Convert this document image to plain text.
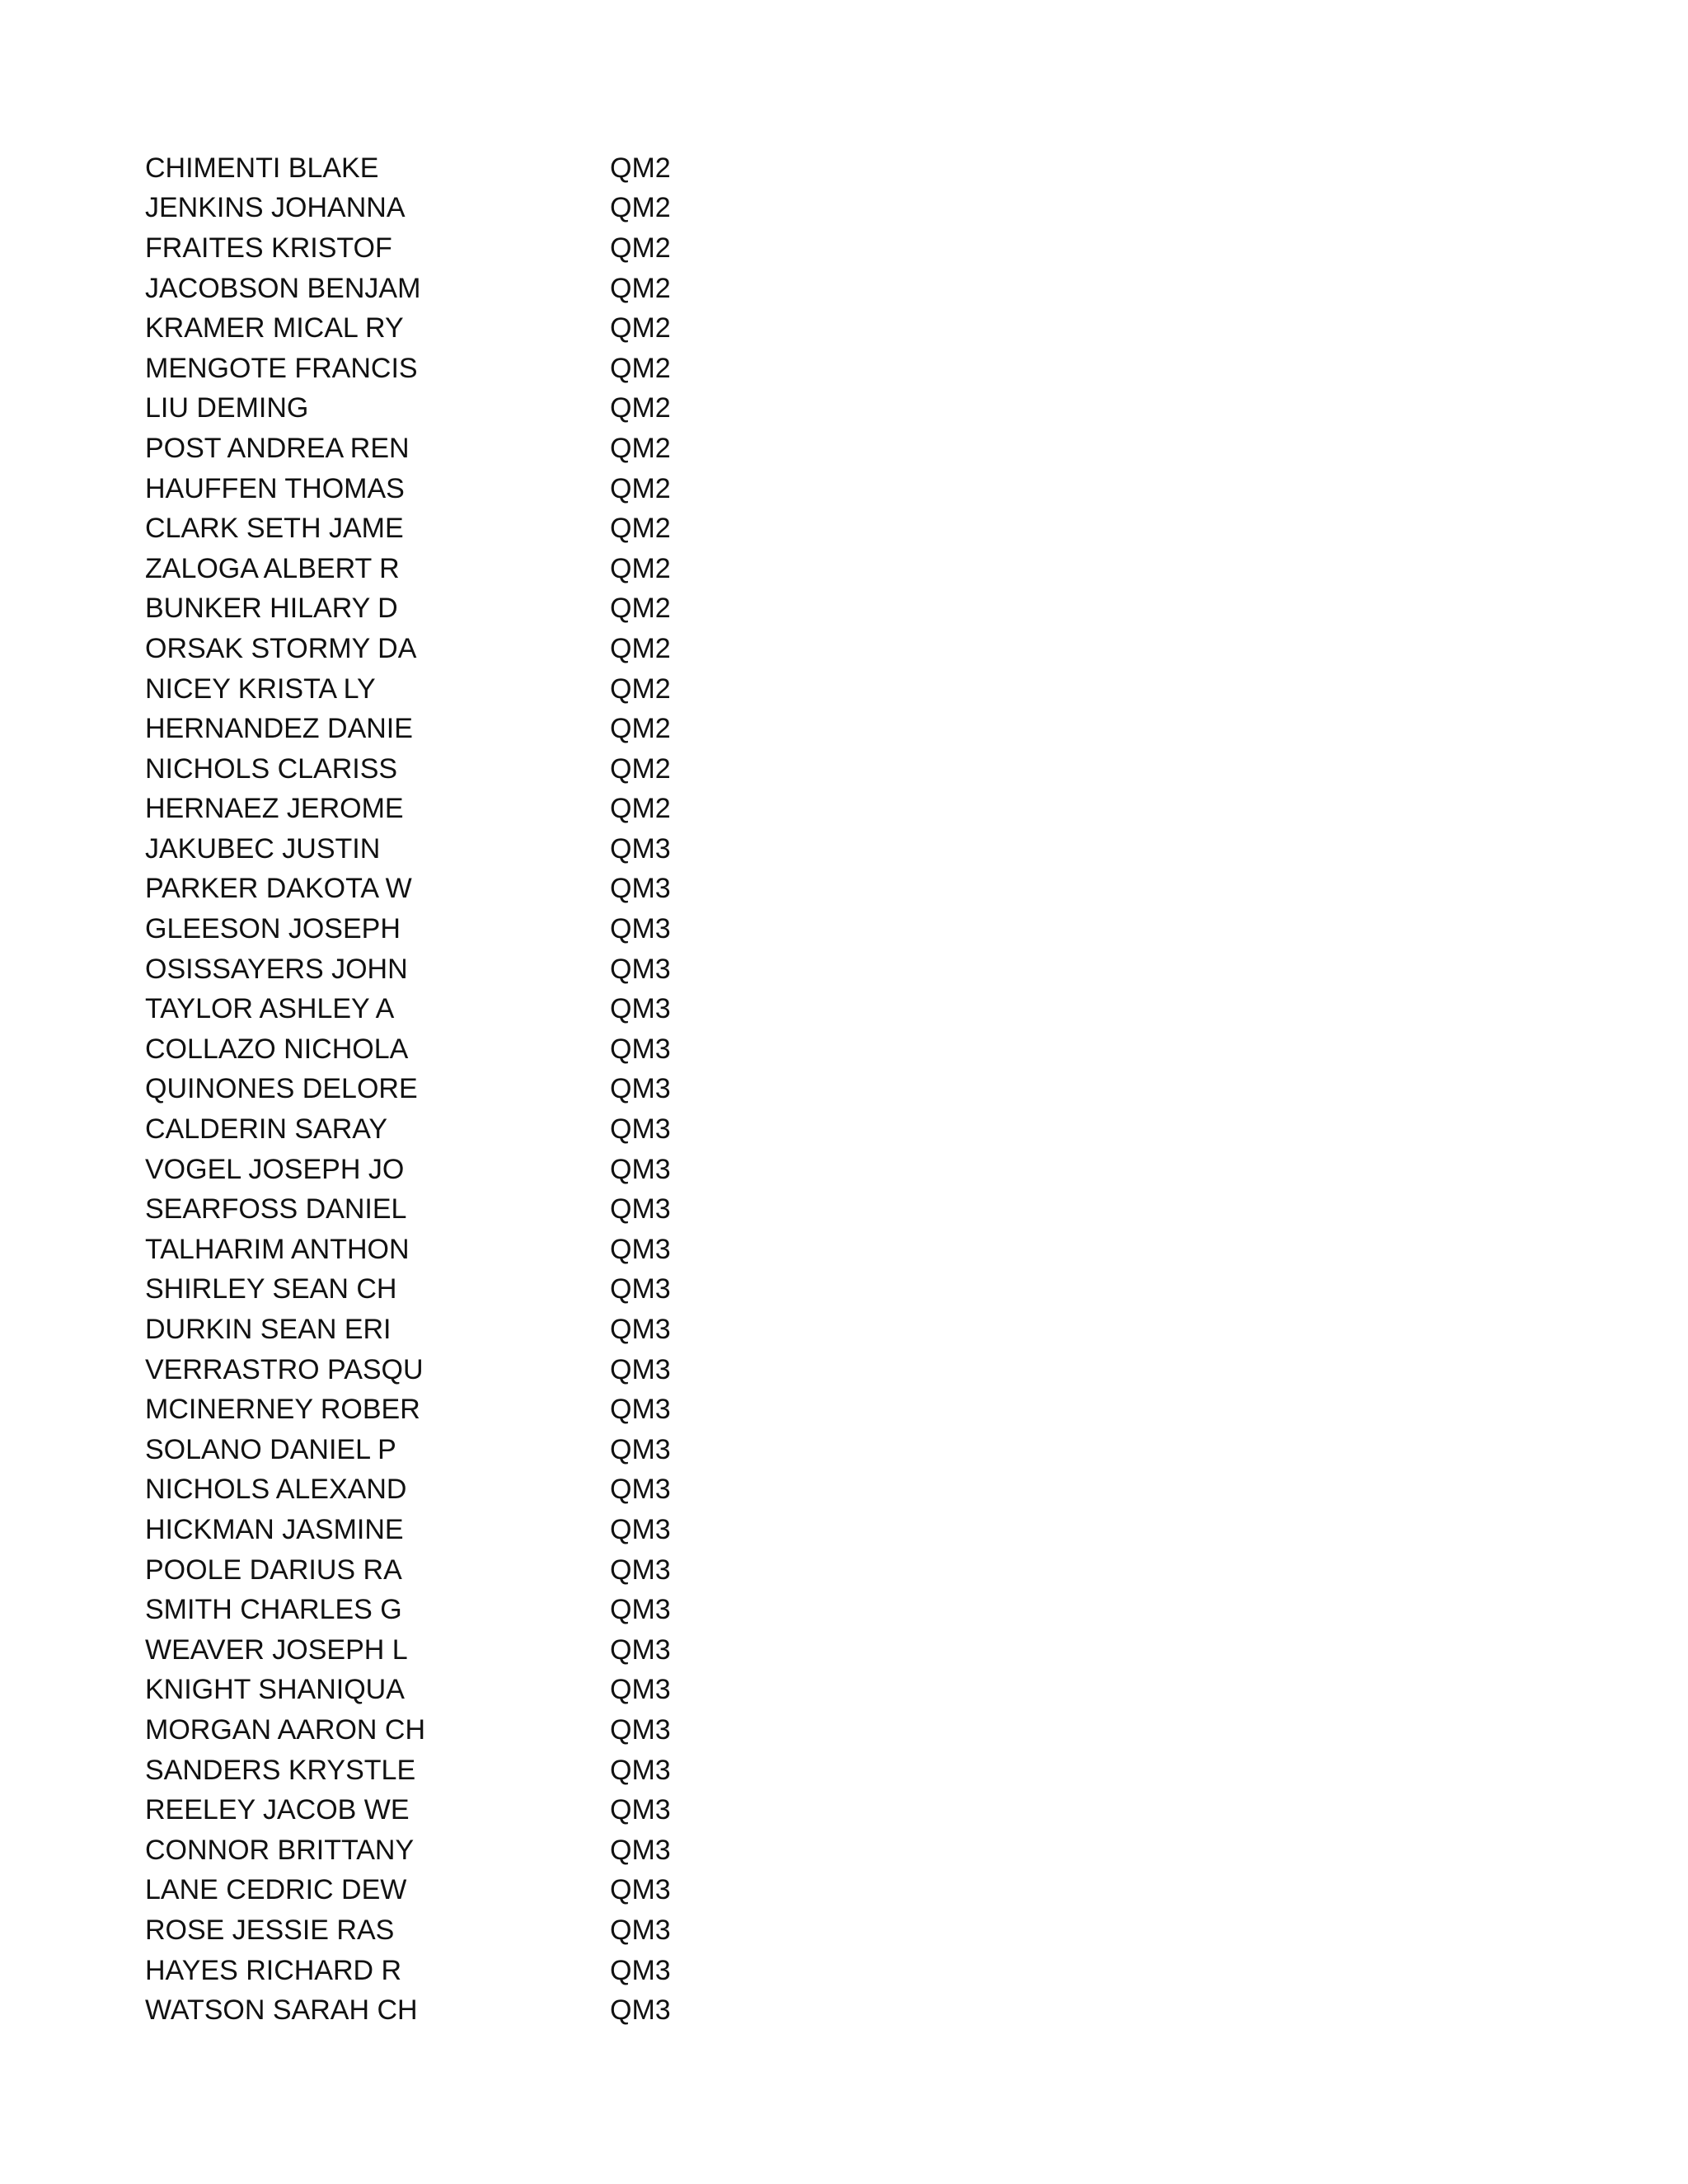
CHIMENTI BLAKE	QM2
JENKINS JOHANNA	QM2
FRAITES KRISTOF	QM2
JACOBSON BENJAM	QM2
KRAMER MICAL RY	QM2
MENGOTE FRANCIS	QM2
LIU DEMING	QM2
POST ANDREA REN	QM2
HAUFFEN THOMAS	QM2
CLARK SETH JAME	QM2
ZALOGA ALBERT R	QM2
BUNKER HILARY D	QM2
ORSAK STORMY DA	QM2
NICEY KRISTA LY	QM2
HERNANDEZ DANIE	QM2
NICHOLS CLARISS	QM2
HERNAEZ JEROME	QM2
JAKUBEC JUSTIN	QM3
PARKER DAKOTA W	QM3
GLEESON JOSEPH	QM3
OSISSAYERS JOHN	QM3
TAYLOR ASHLEY A	QM3
COLLAZO NICHOLA	QM3
QUINONES DELORE	QM3
CALDERIN SARAY	QM3
VOGEL JOSEPH JO	QM3
SEARFOSS DANIEL	QM3
TALHARIM ANTHON	QM3
SHIRLEY SEAN CH	QM3
DURKIN SEAN ERI	QM3
VERRASTRO PASQU	QM3
MCINERNEY ROBER	QM3
SOLANO DANIEL P	QM3
NICHOLS ALEXAND	QM3
HICKMAN JASMINE	QM3
POOLE DARIUS RA	QM3
SMITH CHARLES G	QM3
WEAVER JOSEPH L	QM3
KNIGHT SHANIQUA	QM3
MORGAN AARON CH	QM3
SANDERS KRYSTLE	QM3
REELEY JACOB WE	QM3
CONNOR BRITTANY	QM3
LANE CEDRIC DEW	QM3
ROSE JESSIE RAS	QM3
HAYES RICHARD R	QM3
WATSON SARAH CH	QM3
